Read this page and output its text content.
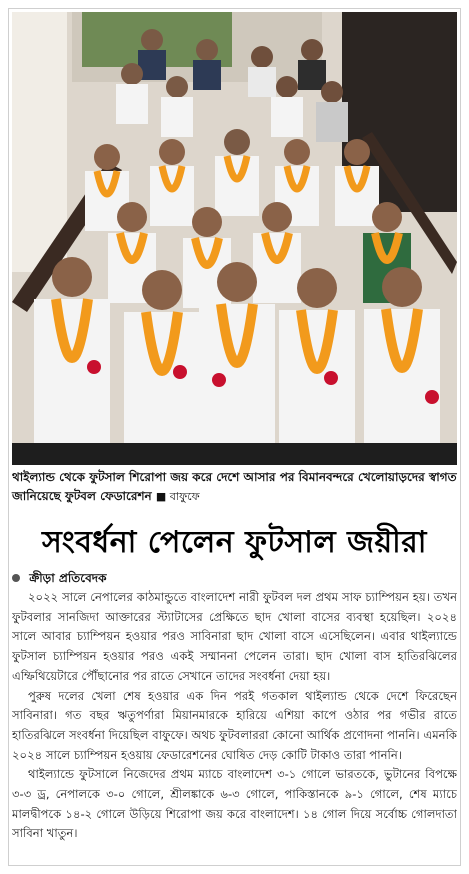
থাইল্যান্ড থেকে ফুটসাল শিরোপা জয় করে দেশে আসার পর বিমানবন্দরে খেলোয়াড়দের স্বাগত জানিয়েছে ফুটবল ফেডারেশন ■ বাফুফে
সংবর্ধনা পেলেন ফুটসাল জয়ীরা
ক্রীড়া প্রতিবেদক

২০২২ সালে নেপালের কাঠমান্ডুতে বাংলাদেশ নারী ফুটবল দল প্রথম সাফ চ্যাম্পিয়ন হয়। তখন ফুটবলার সানজিদা আক্তারের স্ট্যাটাসের প্রেক্ষিতে ছাদ খোলা বাসের ব্যবস্থা হয়েছিল। ২০২৪ সালে আবার চ্যাম্পিয়ন হওয়ার পরও সাবিনারা ছাদ খোলা বাসে এসেছিলেন। এবার থাইল্যান্ডে ফুটসাল চ্যাম্পিয়ন হওয়ার পরও একই সম্মাননা পেলেন তারা। ছাদ খোলা বাস হাতিরঝিলের এম্ফিথিয়েটারে পৌঁছানোর পর রাতে সেখানে তাদের সংবর্ধনা দেয়া হয়।

পুরুষ দলের খেলা শেষ হওয়ার এক দিন পরই গতকাল থাইল্যান্ড থেকে দেশে ফিরেছেন সাবিনারা। গত বছর ঋতুপর্ণারা মিয়ানমারকে হারিয়ে এশিয়া কাপে ওঠার পর গভীর রাতে হাতিরঝিলে সংবর্ধনা দিয়েছিল বাফুফে। অথচ ফুটবলাররা কোনো আর্থিক প্রণোদনা পাননি। এমনকি ২০২৪ সালে চ্যাম্পিয়ন হওয়ায় ফেডারেশনের ঘোষিত দেড় কোটি টাকাও তারা পাননি।

থাইল্যান্ডে ফুটসালে নিজেদের প্রথম ম্যাচে বাংলাদেশ ৩-১ গোলে ভারতকে, ভুটানের বিপক্ষে ৩-৩ ড্র, নেপালকে ৩-০ গোলে, শ্রীলঙ্কাকে ৬-৩ গোলে, পাকিস্তানকে ৯-১ গোলে, শেষ ম্যাচে মালদ্বীপকে ১৪-২ গোলে উড়িয়ে শিরোপা জয় করে বাংলাদেশ। ১৪ গোল দিয়ে সর্বোচ্চ গোলদাতা সাবিনা খাতুন।
